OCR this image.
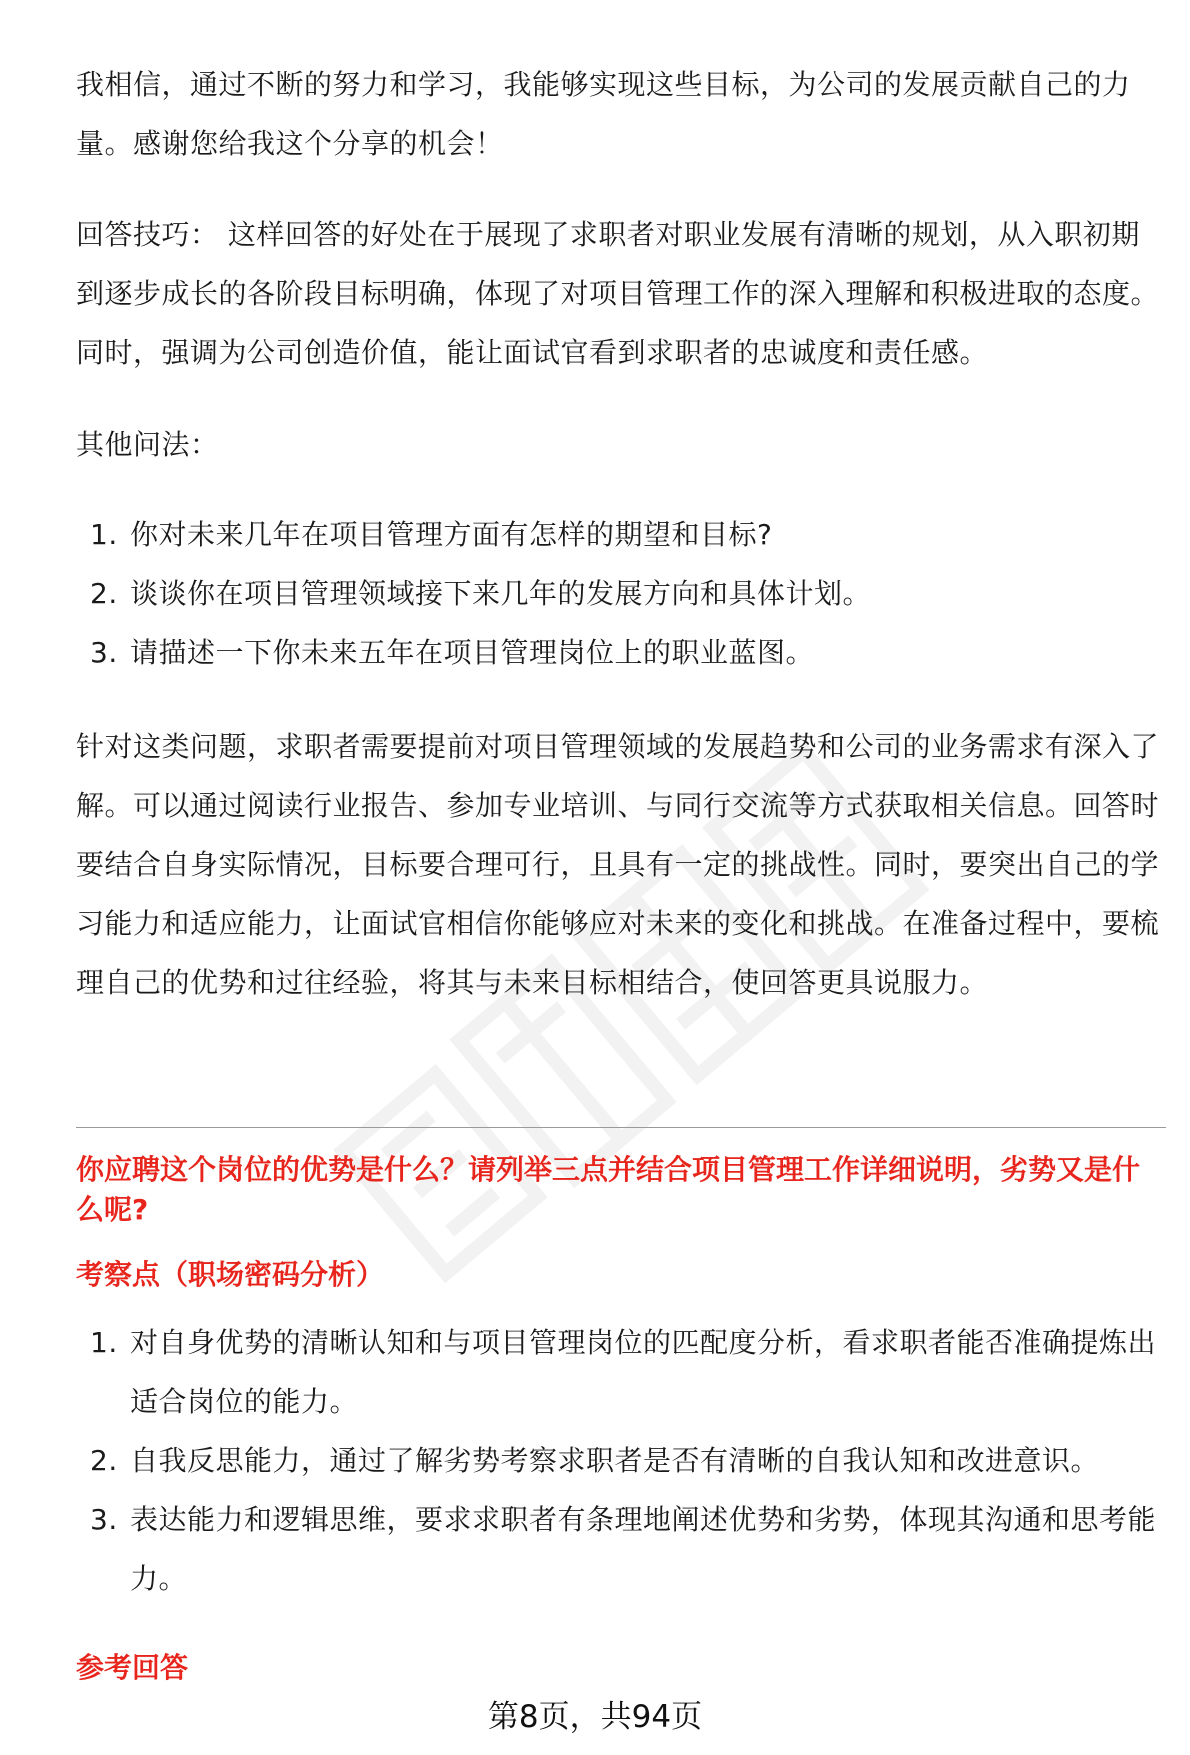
我相信，通过不断的努力和学习，我能够实现这些目标，为公司的发展贡献自己的力量。感谢您给我这个分享的机会！

回答技巧： 这样回答的好处在于展现了求职者对职业发展有清晰的规划，从入职初期到逐步成长的各阶段目标明确，体现了对项目管理工作的深入理解和积极进取的态度。同时，强调为公司创造价值，能让面试官看到求职者的忠诚度和责任感。

其他问法：

1. 你对未来几年在项目管理方面有怎样的期望和目标?
2. 谈谈你在项目管理领域接下来几年的发展方向和具体计划。
3. 请描述一下你未来五年在项目管理岗位上的职业蓝图。

针对这类问题，求职者需要提前对项目管理领域的发展趋势和公司的业务需求有深入了解。可以通过阅读行业报告、参加专业培训、与同行交流等方式获取相关信息。回答时要结合自身实际情况，目标要合理可行，且具有一定的挑战性。同时，要突出自己的学习能力和适应能力，让面试官相信你能够应对未来的变化和挑战。在准备过程中，要梳理自己的优势和过往经验，将其与未来目标相结合，使回答更具说服力。

你应聘这个岗位的优势是什么？请列举三点并结合项目管理工作详细说明，劣势又是什么呢?
考察点（职场密码分析）
1. 对自身优势的清晰认知和与项目管理岗位的匹配度分析，看求职者能否准确提炼出适合岗位的能力。
2. 自我反思能力，通过了解劣势考察求职者是否有清晰的自我认知和改进意识。
3. 表达能力和逻辑思维，要求求职者有条理地阐述优势和劣势，体现其沟通和思考能力。
参考回答
第8页，共94页
